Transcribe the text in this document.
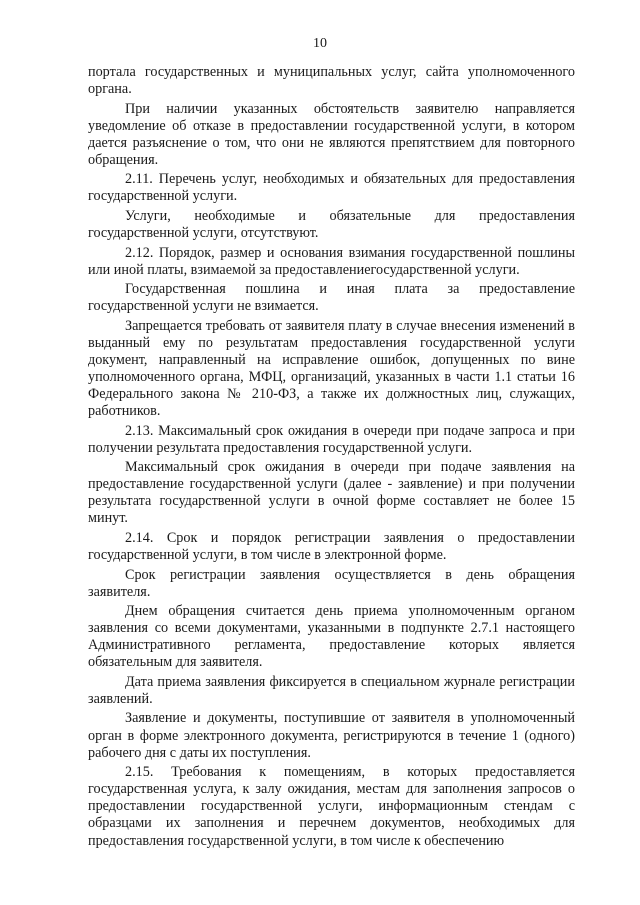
10

портала государственных и муниципальных услуг, сайта уполномоченного органа.

При наличии указанных обстоятельств заявителю направляется уведомление об отказе в предоставлении государственной услуги, в котором дается разъяснение о том, что они не являются препятствием для повторного обращения.

2.11. Перечень услуг, необходимых и обязательных для предоставления государственной услуги.

Услуги, необходимые и обязательные для предоставления государственной услуги, отсутствуют.

2.12. Порядок, размер и основания взимания государственной пошлины или иной платы, взимаемой за предоставлениегосударственной услуги.

Государственная пошлина и иная плата за предоставление государственной услуги не взимается.

Запрещается требовать от заявителя плату в случае внесения изменений в выданный ему по результатам предоставления государственной услуги документ, направленный на исправление ошибок, допущенных по вине уполномоченного органа, МФЦ, организаций, указанных в части 1.1 статьи 16 Федерального закона № 210-ФЗ, а также их должностных лиц, служащих, работников.

2.13. Максимальный срок ожидания в очереди при подаче запроса и при получении результата предоставления государственной услуги.

Максимальный срок ожидания в очереди при подаче заявления на предоставление государственной услуги (далее - заявление) и при получении результата государственной услуги в очной форме составляет не более 15 минут.

2.14. Срок и порядок регистрации заявления о предоставлении государственной услуги, в том числе в электронной форме.

Срок регистрации заявления осуществляется в день обращения заявителя.

Днем обращения считается день приема уполномоченным органом заявления со всеми документами, указанными в подпункте 2.7.1 настоящего Административного регламента, предоставление которых является обязательным для заявителя.

Дата приема заявления фиксируется в специальном журнале регистрации заявлений.

Заявление и документы, поступившие от заявителя в уполномоченный орган в форме электронного документа, регистрируются в течение 1 (одного) рабочего дня с даты их поступления.

2.15. Требования к помещениям, в которых предоставляется государственная услуга, к залу ожидания, местам для заполнения запросов о предоставлении государственной услуги, информационным стендам с образцами их заполнения и перечнем документов, необходимых для предоставления государственной услуги, в том числе к обеспечению
